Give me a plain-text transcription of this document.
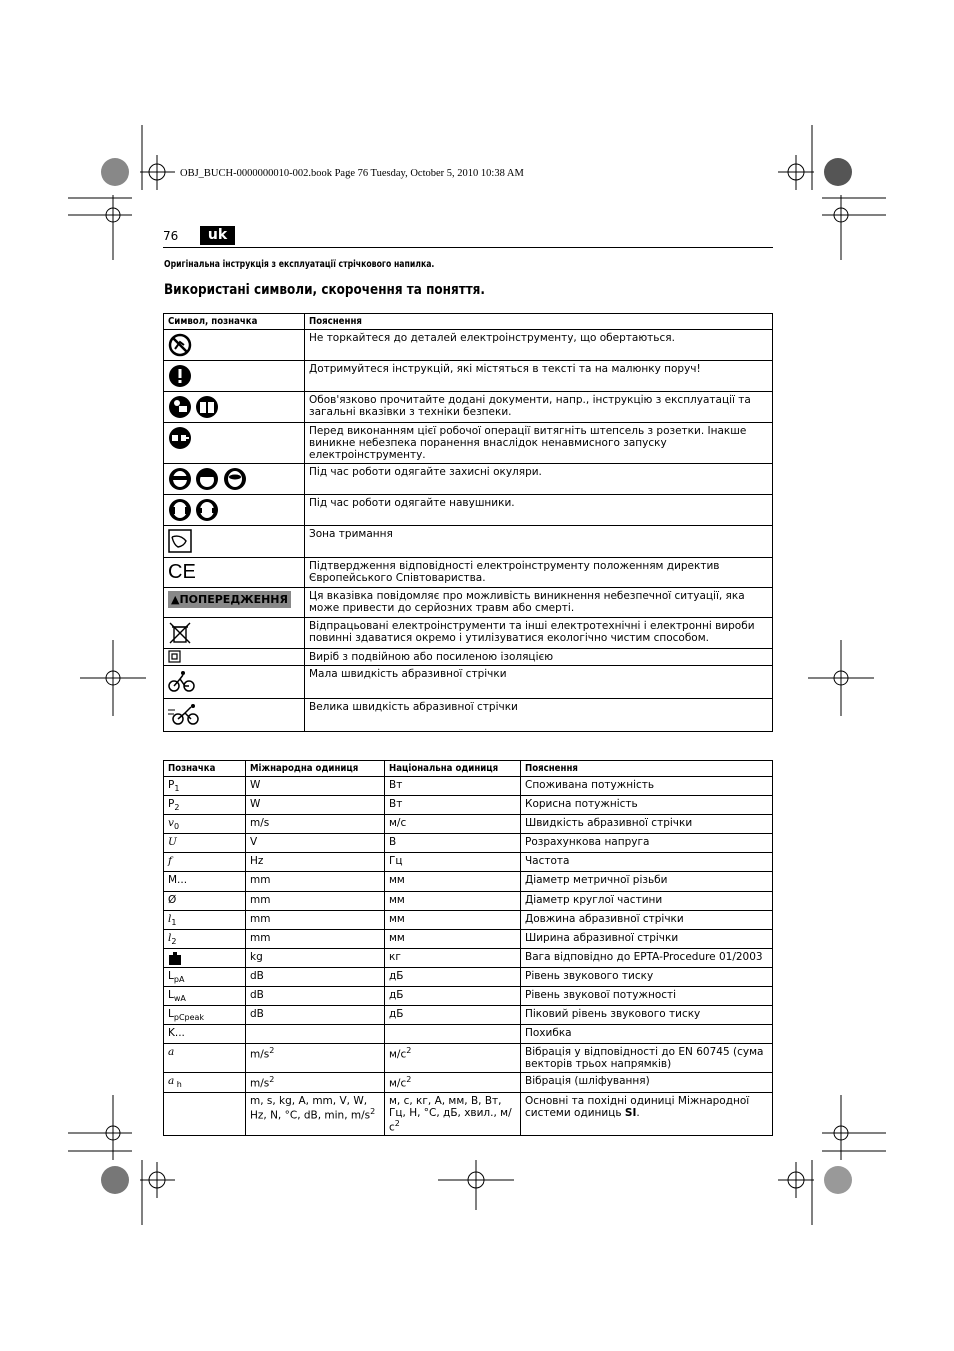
OBJ_BUCH-0000000010-002.book Page 76 Tuesday, October 5, 2010 10:38 AM
76	uk
Оригінальна інструкція з експлуатації стрічкового напилка.
Використані символи, скорочення та поняття.
Символ, позначка	Пояснення
	Не торкайтеся до деталей електроінструменту, що обертаються.
	Дотримуйтеся інструкцій, які містяться в тексті та на малюнку поруч!
	Обов'язково прочитайте додані документи, напр., інструкцію з експлуатації та загальні вказівки з техніки безпеки.
	Перед виконанням цієї робочої операції витягніть штепсель з розетки. Інакше виникне небезпека поранення внаслідок ненавмисного запуску електроінструменту.
	Під час роботи одягайте захисні окуляри.
	Під час роботи одягайте навушники.
	Зона тримання
CE	Підтвердження відповідності електроінструменту положенням директив Європейського Співтовариства.
▲ПОПЕРЕДЖЕННЯ	Ця вказівка повідомляє про можливість виникнення небезпечної ситуації, яка може привести до серйозних травм або смерті.
	Відпрацьовані електроінструменти та інші електротехнічні і електронні вироби повинні здаватися окремо і утилізуватися екологічно чистим способом.
	Виріб з подвійною або посиленою ізоляцією
	Мала швидкість абразивної стрічки
	Велика швидкість абразивної стрічки
Позначка	Міжнародна одиниця	Національна одиниця	Пояснення
$P_1$	W	Вт	Споживана потужність
$P_2$	W	Вт	Корисна потужність
$v_0$	m/s	м/с	Швидкість абразивної стрічки
U	V	В	Розрахункова напруга
f	Hz	Гц	Частота
M...	mm	мм	Діаметр метричної різьби
Ø	mm	мм	Діаметр круглої частини
$l_1$	mm	мм	Довжина абразивної стрічки
$l_2$	mm	мм	Ширина абразивної стрічки
	kg	кг	Вага відповідно до EPTA-Procedure 01/2003
$L_{pA}$	dB	дБ	Рівень звукового тиску
$L_{wA}$	dB	дБ	Рівень звукової потужності
$L_{pCpeak}$	dB	дБ	Піковий рівень звукового тиску
K...			Похибка
a	$m/s^2$	$м/с^2$	Вібрація у відповідності до EN 60745 (сума векторів трьох напрямків)
a $_h$	$m/s^2$	$м/с^2$	Вібрація (шліфування)
	m, s, kg, A, mm, V, W, Hz, N, °C, dB, min, $m/s^2$	м, с, кг, A, мм, В, Вт, Гц, Н, °C, дБ, хвил., $м/с^2$	Основні та похідні одиниці Міжнародної системи одиниць SI.
